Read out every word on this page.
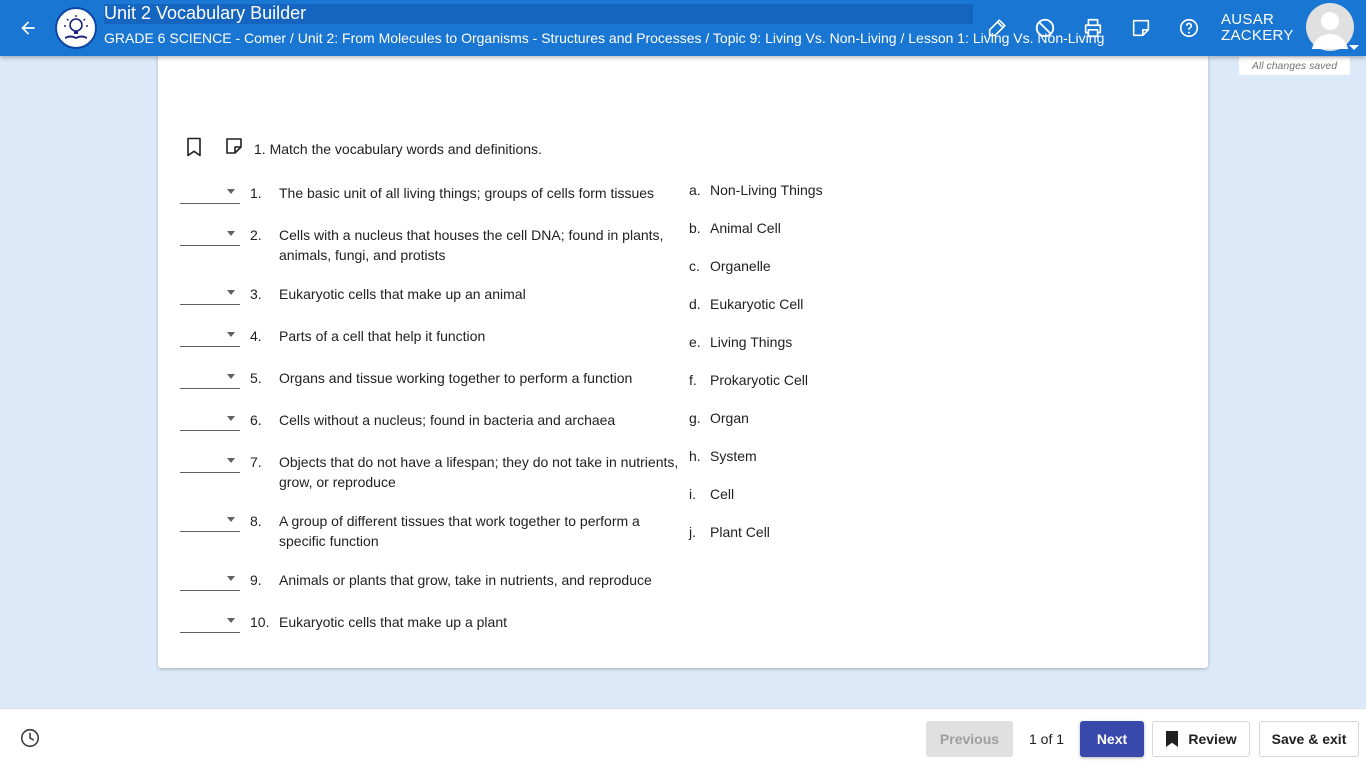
Unit 2 Vocabulary Builder
GRADE 6 SCIENCE - Comer / Unit 2: From Molecules to Organisms - Structures and Processes / Topic 9: Living Vs. Non-Living / Lesson 1: Living Vs. Non-Living
AUSAR
ZACKERY
All changes saved
1. Match the vocabulary words and definitions.
1. The basic unit of all living things; groups of cells form tissues
2. Cells with a nucleus that houses the cell DNA; found in plants, animals, fungi, and protists
3. Eukaryotic cells that make up an animal
4. Parts of a cell that help it function
5. Organs and tissue working together to perform a function
6. Cells without a nucleus; found in bacteria and archaea
7. Objects that do not have a lifespan; they do not take in nutrients, grow, or reproduce
8. A group of different tissues that work together to perform a specific function
9. Animals or plants that grow, take in nutrients, and reproduce
10. Eukaryotic cells that make up a plant
a. Non-Living Things
b. Animal Cell
c. Organelle
d. Eukaryotic Cell
e. Living Things
f. Prokaryotic Cell
g. Organ
h. System
i. Cell
j. Plant Cell
Previous	1 of 1	Next	Review	Save & exit
